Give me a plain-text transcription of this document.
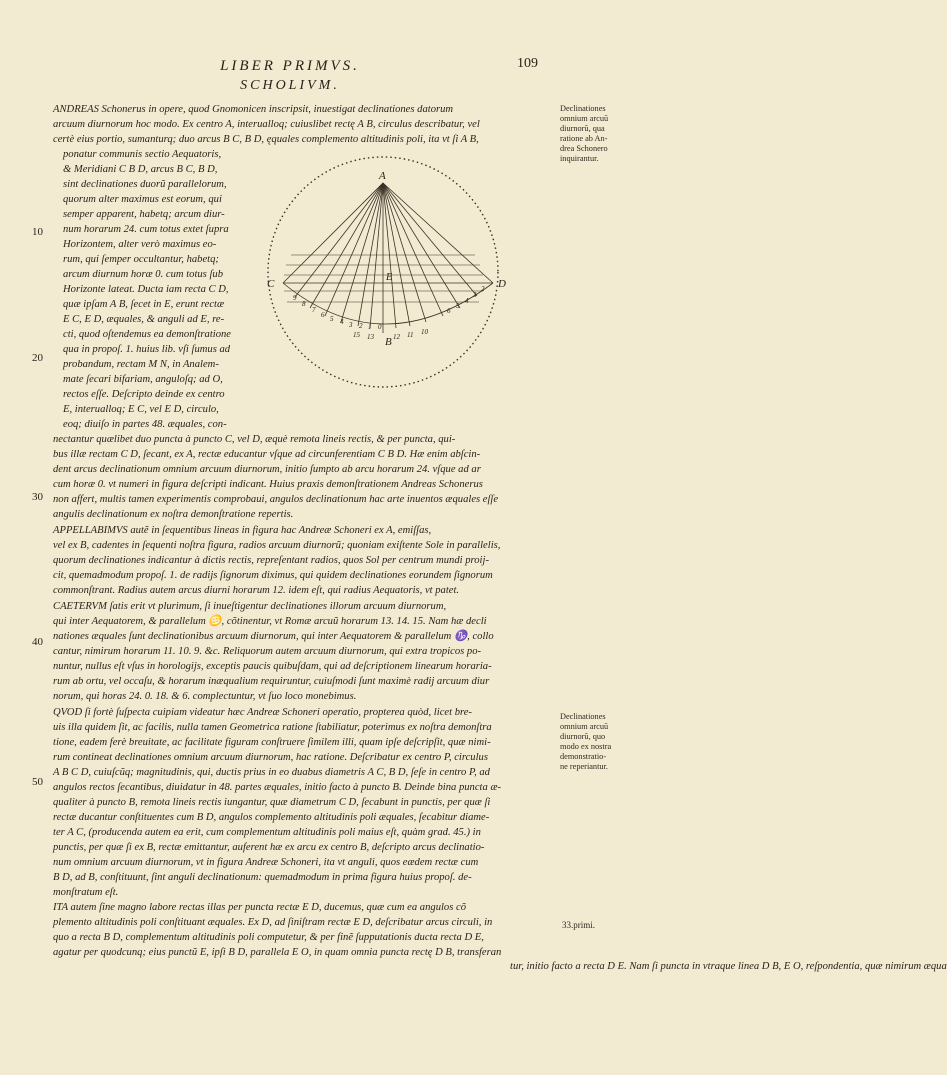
LIBER PRIMVS.	109
SCHOLIVM.
A
B
C	D
E
9
8
7
6 5 4 3 2 1 0
6
5
4
3
2
15 13	12 11 10
10
20
30
40
50
Declinationes
omnium arcuũ
diurnorũ, qua
ratione ab An-
drea Schonero
inquirantur.
Declinationes
omnium arcuũ
diurnorũ, quo
modo ex nostra
demonstratio-
ne reperiantur.
33.primi.
ANDREAS Schonerus in opere, quod Gnomonicen inscripsit, inuestigat declinationes datorum
arcuum diurnorum hoc modo. Ex centro A, interualloq; cuiuslibet rectę A B, circulus describatur, vel
certè eius portio, sumanturq; duo arcus B C, B D, ęquales complemento altitudinis poli, ita vt ſi A B,
ponatur communis sectio Aequatoris,
& Meridiani C B D, arcus B C, B D,
sint declinationes duorũ parallelorum,
quorum alter maximus est eorum, qui
semper apparent, habetq; arcum diur-
num horarum 24. cum totus extet ſupra
Horizontem, alter verò maximus eo-
rum, qui ſemper occultantur, habetq;
arcum diurnum horæ 0. cum totus ſub
Horizonte lateat. Ducta iam recta C D,
quæ ipſam A B, ſecet in E, erunt rectæ
E C, E D, æquales, & anguli ad E, re-
cti, quod oſtendemus ea demonſtratione
qua in propoſ. 1. huius lib. vſi ſumus ad
probandum, rectam M N, in Analem-
mate ſecari bifariam, anguloſq; ad O,
rectos eſſe. Deſcripto deinde ex centro
E, interualloq; E C, vel E D, circulo,
eoq; diuiſo in partes 48. æquales, con-
nectantur quælibet duo puncta à puncto C, vel D, æquè remota lineis rectis, & per puncta, qui-
bus illæ rectam C D, ſecant, ex A, rectæ educantur vſque ad circunferentiam C B D. Hæ enim abſcin-
dent arcus declinationum omnium arcuum diurnorum, initio ſumpto ab arcu horarum 24. vſque ad ar
cum horæ 0. vt numeri in figura deſcripti indicant. Huius praxis demonſtrationem Andreas Schonerus
non affert, multis tamen experimentis comprobaui, angulos declinationum hac arte inuentos æquales eſſe
angulis declinationum ex noſtra demonſtratione repertis.
APPELLABIMVS autẽ in ſequentibus lineas in figura hac Andreæ Schoneri ex A, emiſſas,
vel ex B, cadentes in ſequenti noſtra figura, radios arcuum diurnorũ; quoniam exiſtente Sole in parallelis,
quorum declinationes indicantur à dictis rectis, repreſentant radios, quos Sol per centrum mundi proij-
cit, quemadmodum propoſ. 1. de radijs ſignorum diximus, qui quidem declinationes eorundem ſignorum
commonſtrant. Radius autem arcus diurni horarum 12. idem eſt, qui radius Aequatoris, vt patet.
CAETERVM ſatis erit vt plurimum, ſi inueſtigentur declinationes illorum arcuum diurnorum,
qui inter Aequatorem, & parallelum ♋, cõtinentur, vt Romæ arcuũ horarum 13. 14. 15. Nam hæ decli
nationes æquales ſunt declinationibus arcuum diurnorum, qui inter Aequatorem & parallelum ♑, collo
cantur, nimirum horarum 11. 10. 9. &c. Reliquorum autem arcuum diurnorum, qui extra tropicos po-
nuntur, nullus eſt vſus in horologijs, exceptis paucis quibuſdam, qui ad deſcriptionem linearum horaria-
rum ab ortu, vel occaſu, & horarum inæqualium requiruntur, cuiuſmodi ſunt maximè radij arcuum diur
norum, qui horas 24. 0. 18. & 6. complectuntur, vt ſuo loco monebimus.
QVOD ſi fortè ſuſpecta cuipiam videatur hæc Andreæ Schoneri operatio, propterea quòd, licet bre-
uis illa quidem ſit, ac facilis, nulla tamen Geometrica ratione ſtabiliatur, poterimus ex noſtra demonſtra
tione, eadem ferè breuitate, ac facilitate figuram conſtruere ſimilem illi, quam ipſe deſcripſit, quæ nimi-
rum contineat declinationes omnium arcuum diurnorum, hac ratione. Deſcribatur ex centro P, circulus
A B C D, cuiuſcũq; magnitudinis, qui, ductis prius in eo duabus diametris A C, B D, ſeſe in centro P, ad
angulos rectos ſecantibus, diuidatur in 48. partes æquales, initio facto à puncto B. Deinde bina puncta æ-
qualiter à puncto B, remota lineis rectis iungantur, quæ diametrum C D, ſecabunt in punctis, per quæ ſi
rectæ ducantur conſtituentes cum B D, angulos complemento altitudinis poli æquales, ſecabitur diame-
ter A C, (producenda autem ea erit, cum complementum altitudinis poli maius eſt, quàm grad. 45.) in
punctis, per quæ ſi ex B, rectæ emittantur, auferent hæ ex arcu ex centro B, deſcripto arcus declinatio-
num omnium arcuum diurnorum, vt in figura Andreæ Schoneri, ita vt anguli, quos eædem rectæ cum
B D, ad B, conſtituunt, ſint anguli declinationum: quemadmodum in prima figura huius propoſ. de-
monſtratum eſt.
ITA autem ſine magno labore rectas illas per puncta rectæ E D, ducemus, quæ cum ea angulos cõ
plemento altitudinis poli conſtituant æquales. Ex D, ad ſiniſtram rectæ E D, deſcribatur arcus circuli, in
quo a recta B D, complementum altitudinis poli computetur, & per finẽ ſupputationis ducta recta D E,
agatur per quodcunq; eius punctũ E, ipſi B D, parallela E O, in quam omnia puncta rectę D B, transferan
tur, initio facto a recta D E. Nam ſi puncta in vtraque linea D B, E O, reſpondentia, quæ nimirum æqua
